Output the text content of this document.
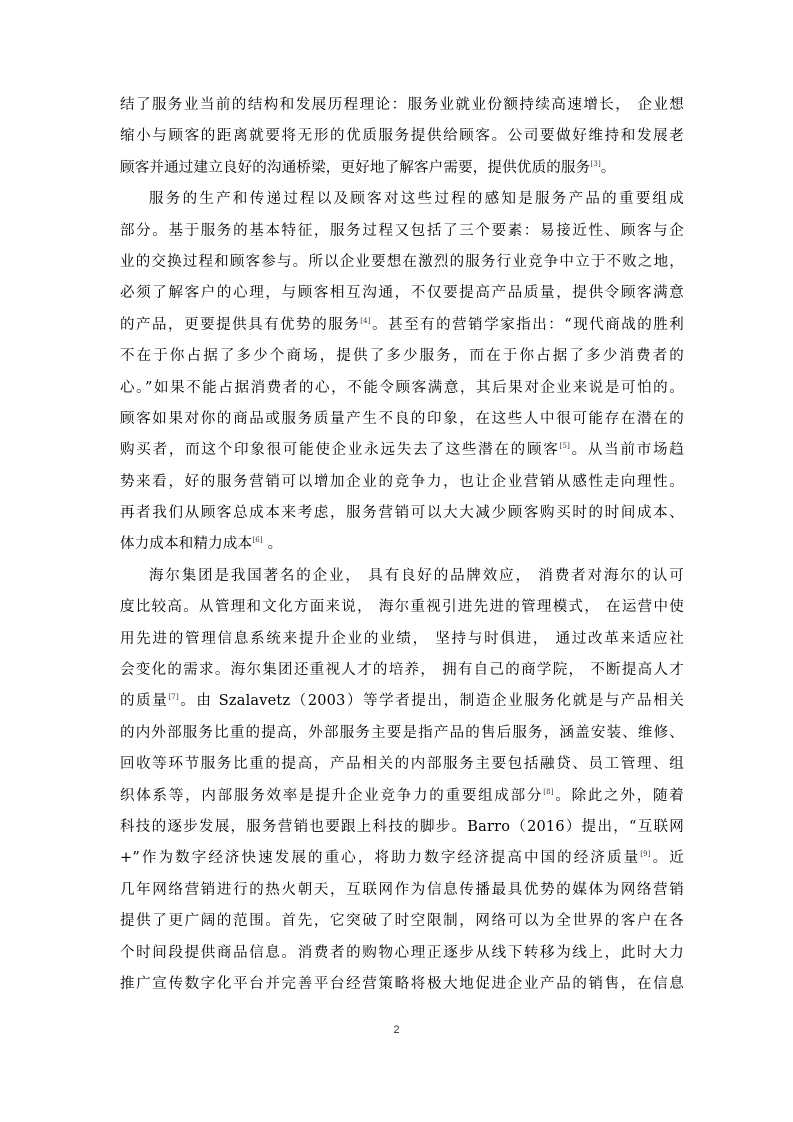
结了服务业当前的结构和发展历程理论：服务业就业份额持续高速增长， 企业想
缩小与顾客的距离就要将无形的优质服务提供给顾客。公司要做好维持和发展老
顾客并通过建立良好的沟通桥梁，更好地了解客户需要，提供优质的服务[3]。
服务的生产和传递过程以及顾客对这些过程的感知是服务产品的重要组成
部分。基于服务的基本特征，服务过程又包括了三个要素：易接近性、顾客与企
业的交换过程和顾客参与。所以企业要想在激烈的服务行业竞争中立于不败之地，
必须了解客户的心理，与顾客相互沟通，不仅要提高产品质量，提供令顾客满意
的产品，更要提供具有优势的服务[4]。甚至有的营销学家指出：“现代商战的胜利
不在于你占据了多少个商场，提供了多少服务，而在于你占据了多少消费者的
心。”如果不能占据消费者的心，不能令顾客满意，其后果对企业来说是可怕的。
顾客如果对你的商品或服务质量产生不良的印象，在这些人中很可能存在潜在的
购买者，而这个印象很可能使企业永远失去了这些潜在的顾客[5]。从当前市场趋
势来看，好的服务营销可以增加企业的竞争力，也让企业营销从感性走向理性。
再者我们从顾客总成本来考虑，服务营销可以大大减少顾客购买时的时间成本、
体力成本和精力成本[6] 。
海尔集团是我国著名的企业， 具有良好的品牌效应， 消费者对海尔的认可
度比较高。从管理和文化方面来说， 海尔重视引进先进的管理模式， 在运营中使
用先进的管理信息系统来提升企业的业绩， 坚持与时俱进， 通过改革来适应社
会变化的需求。海尔集团还重视人才的培养， 拥有自己的商学院， 不断提高人才
的质量[7]。由 Szalavetz（2003）等学者提出，制造企业服务化就是与产品相关
的内外部服务比重的提高，外部服务主要是指产品的售后服务，涵盖安装、维修、
回收等环节服务比重的提高，产品相关的内部服务主要包括融贷、员工管理、组
织体系等，内部服务效率是提升企业竞争力的重要组成部分[8]。除此之外，随着
科技的逐步发展，服务营销也要跟上科技的脚步。Barro（2016）提出，“互联网
+”作为数字经济快速发展的重心，将助力数字经济提高中国的经济质量[9]。近
几年网络营销进行的热火朝天，互联网作为信息传播最具优势的媒体为网络营销
提供了更广阔的范围。首先，它突破了时空限制，网络可以为全世界的客户在各
个时间段提供商品信息。消费者的购物心理正逐步从线下转移为线上，此时大力
推广宣传数字化平台并完善平台经营策略将极大地促进企业产品的销售，在信息
2
